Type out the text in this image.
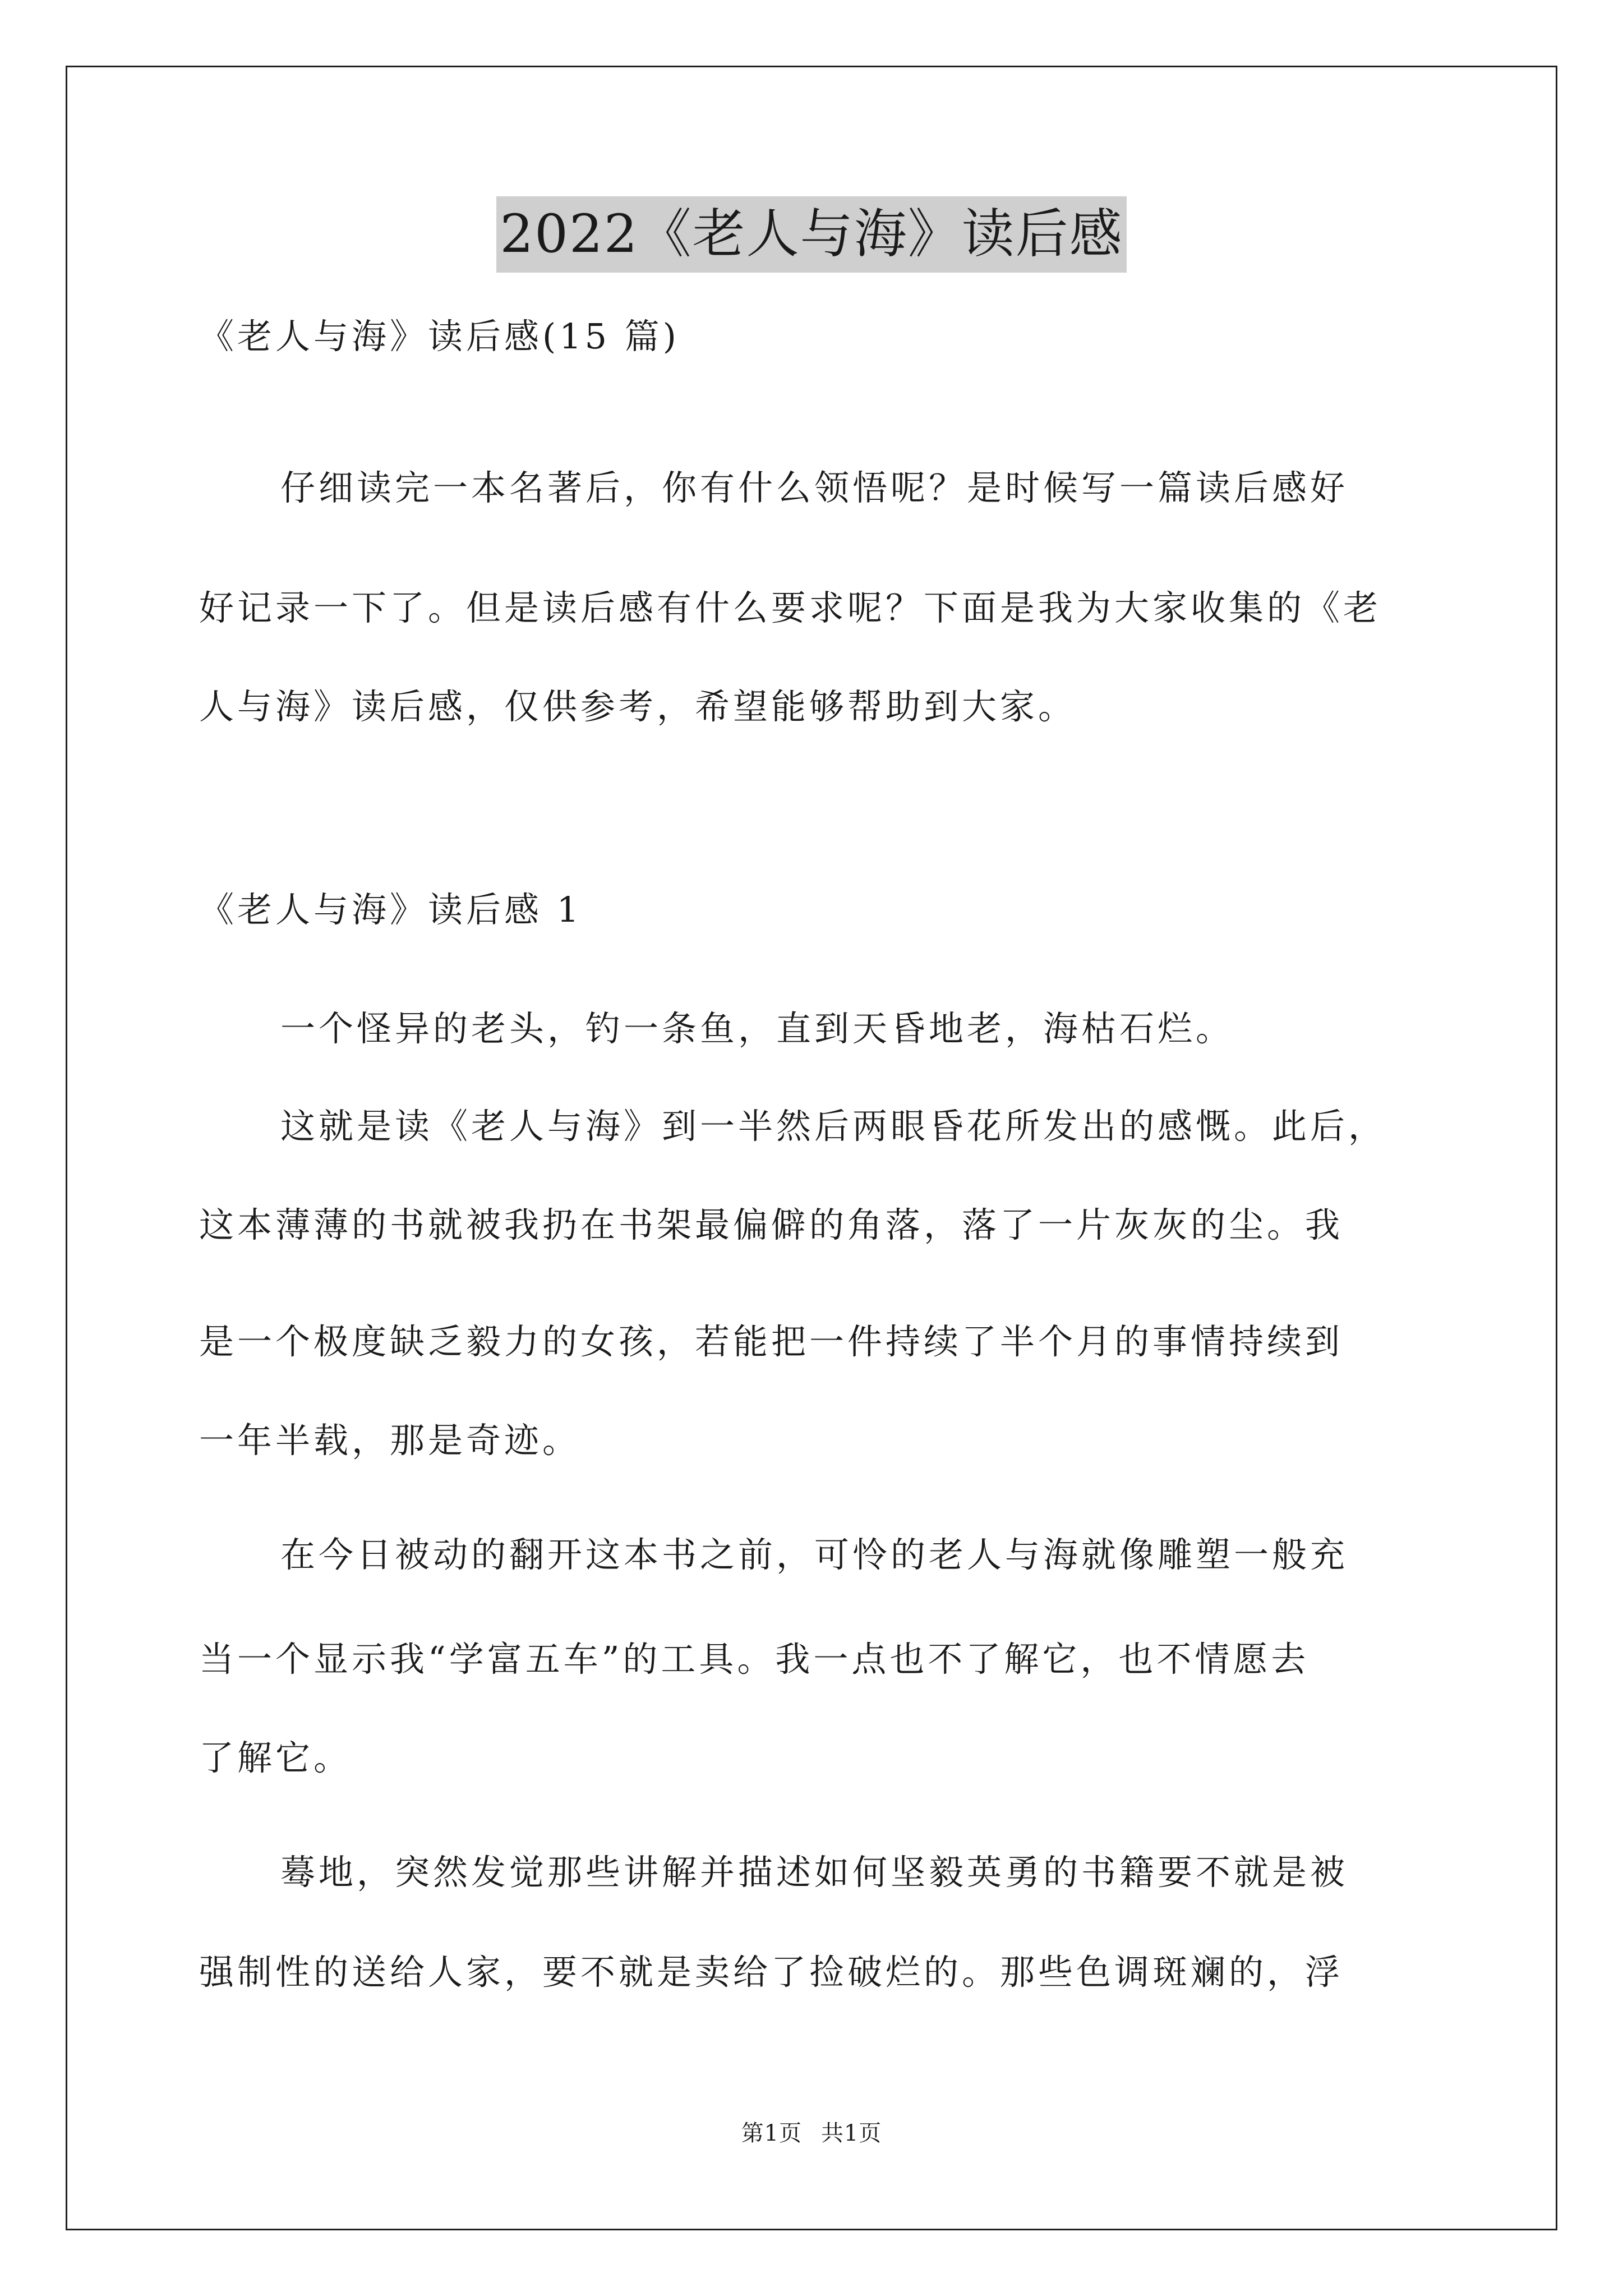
2022《老人与海》读后感
《老人与海》读后感(15 篇)
仔细读完一本名著后，你有什么领悟呢？是时候写一篇读后感好
好记录一下了。但是读后感有什么要求呢？下面是我为大家收集的《老
人与海》读后感，仅供参考，希望能够帮助到大家。
《老人与海》读后感 1
一个怪异的老头，钓一条鱼，直到天昏地老，海枯石烂。
这就是读《老人与海》到一半然后两眼昏花所发出的感慨。此后，
这本薄薄的书就被我扔在书架最偏僻的角落，落了一片灰灰的尘。我
是一个极度缺乏毅力的女孩，若能把一件持续了半个月的事情持续到
一年半载，那是奇迹。
在今日被动的翻开这本书之前，可怜的老人与海就像雕塑一般充
当一个显示我“学富五车”的工具。我一点也不了解它，也不情愿去
了解它。
蓦地，突然发觉那些讲解并描述如何坚毅英勇的书籍要不就是被
强制性的送给人家，要不就是卖给了捡破烂的。那些色调斑斓的，浮
第1页 共1页
